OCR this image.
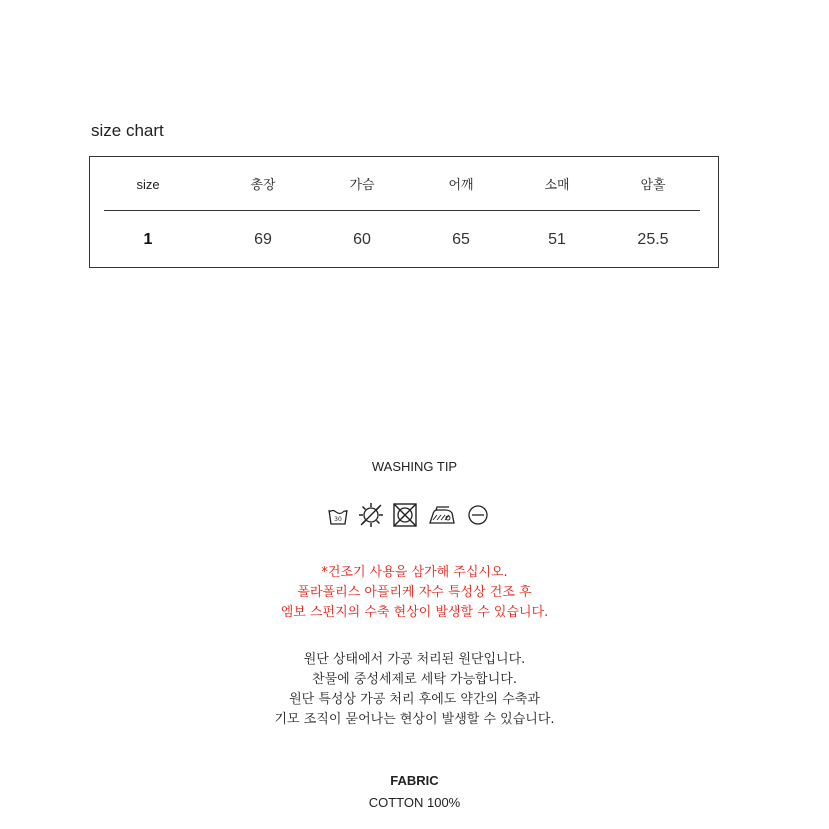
size chart
size	총장	가슴	어깨	소매	암홀
1	69	60	65	51	25.5
WASHING TIP
30
*건조기 사용을 삼가해 주십시오.
폴라폴리스 아플리케 자수 특성상 건조 후
엠보 스펀지의 수축 현상이 발생할 수 있습니다.
원단 상태에서 가공 처리된 원단입니다.
찬물에 중성세제로 세탁 가능합니다.
원단 특성상 가공 처리 후에도 약간의 수축과
기모 조직이 묻어나는 현상이 발생할 수 있습니다.
FABRIC
COTTON 100%
